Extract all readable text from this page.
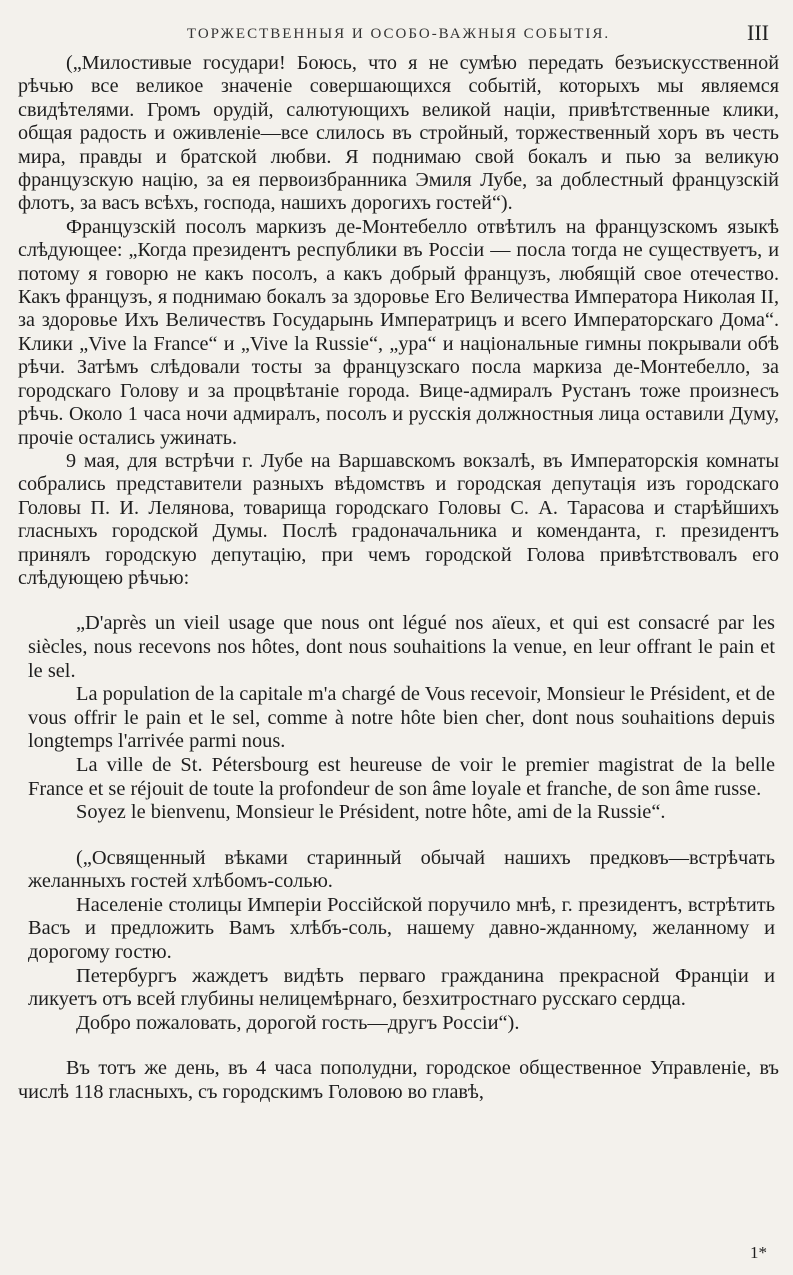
ТОРЖЕСТВЕННЫЯ И ОСОБО-ВАЖНЫЯ СОБЫТІЯ.	III

(„Милостивые государи! Боюсь, что я не сумѣю передать безъискусственной рѣчью все великое значеніе совершающихся событій, которыхъ мы являемся свидѣтелями. Громъ орудій, салютующихъ великой націи, привѣтственные клики, общая радость и оживленіе—все слилось въ стройный, торжественный хоръ въ честь мира, правды и братской любви. Я поднимаю свой бокалъ и пью за великую французскую націю, за ея первоизбранника Эмиля Лубе, за доблестный французскій флотъ, за васъ всѣхъ, господа, нашихъ дорогихъ гостей“).

Французскій посолъ маркизъ де-Монтебелло отвѣтилъ на французскомъ языкѣ слѣдующее: „Когда президентъ республики въ Россіи — посла тогда не существуетъ, и потому я говорю не какъ посолъ, а какъ добрый французъ, любящій свое отечество. Какъ французъ, я поднимаю бокалъ за здоровье Его Величества Императора Николая II, за здоровье Ихъ Величествъ Государынь Императрицъ и всего Императорскаго Дома“. Клики „Vive la France“ и „Vive la Russie“, „ура“ и національные гимны покрывали обѣ рѣчи. Затѣмъ слѣдовали тосты за французскаго посла маркиза де-Монтебелло, за городскаго Голову и за процвѣтаніе города. Вице-адмиралъ Рустанъ тоже произнесъ рѣчь. Около 1 часа ночи адмиралъ, посолъ и русскія должностныя лица оставили Думу, прочіе остались ужинать.

9 мая, для встрѣчи г. Лубе на Варшавскомъ вокзалѣ, въ Императорскія комнаты собрались представители разныхъ вѣдомствъ и городская депутація изъ городскаго Головы П. И. Лелянова, товарища городскаго Головы С. А. Тарасова и старѣйшихъ гласныхъ городской Думы. Послѣ градоначальника и коменданта, г. президентъ принялъ городскую депутацію, при чемъ городской Голова привѣтствовалъ его слѣдующею рѣчью:

„D'après un vieil usage que nous ont légué nos aïeux, et qui est consacré par les siècles, nous recevons nos hôtes, dont nous souhaitions la venue, en leur offrant le pain et le sel.

La population de la capitale m'a chargé de Vous recevoir, Monsieur le Président, et de vous offrir le pain et le sel, comme à notre hôte bien cher, dont nous souhaitions depuis longtemps l'arrivée parmi nous.

La ville de St. Pétersbourg est heureuse de voir le premier magistrat de la belle France et se réjouit de toute la profondeur de son âme loyale et franche, de son âme russe.

Soyez le bienvenu, Monsieur le Président, notre hôte, ami de la Russie“.

(„Освященный вѣками старинный обычай нашихъ предковъ—встрѣчать желанныхъ гостей хлѣбомъ-солью.

Населеніе столицы Имперіи Россійской поручило мнѣ, г. президентъ, встрѣтить Васъ и предложить Вамъ хлѣбъ-соль, нашему давно-жданному, желанному и дорогому гостю.

Петербургъ жаждетъ видѣть перваго гражданина прекрасной Франціи и ликуетъ отъ всей глубины нелицемѣрнаго, безхитростнаго русскаго сердца.

Добро пожаловать, дорогой гость—другъ Россіи“).

Въ тотъ же день, въ 4 часа пополудни, городское общественное Управленіе, въ числѣ 118 гласныхъ, съ городскимъ Головою во главѣ,

1*
